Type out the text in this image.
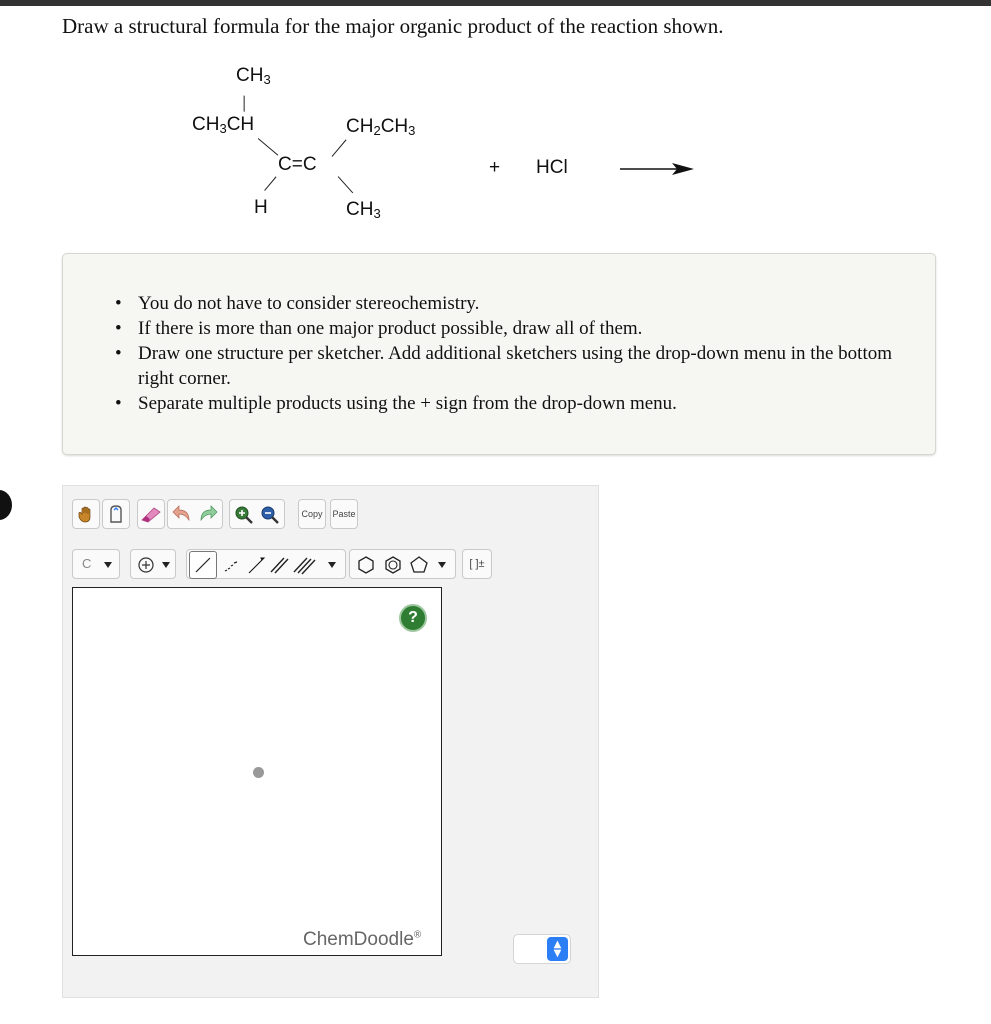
Draw a structural formula for the major organic product of the reaction shown.
$CH_3$
$CH_3CH$	$CH_2CH_3$
C=C
H	$CH_3$
+ HCl
• You do not have to consider stereochemistry.
• If there is more than one major product possible, draw all of them.
• Draw one structure per sketcher. Add additional sketchers using the drop-down menu in the bottom right corner.
• Separate multiple products using the + sign from the drop-down menu.
Copy Paste
C	[ ]±
?
ChemDoodle®
▲
▼
